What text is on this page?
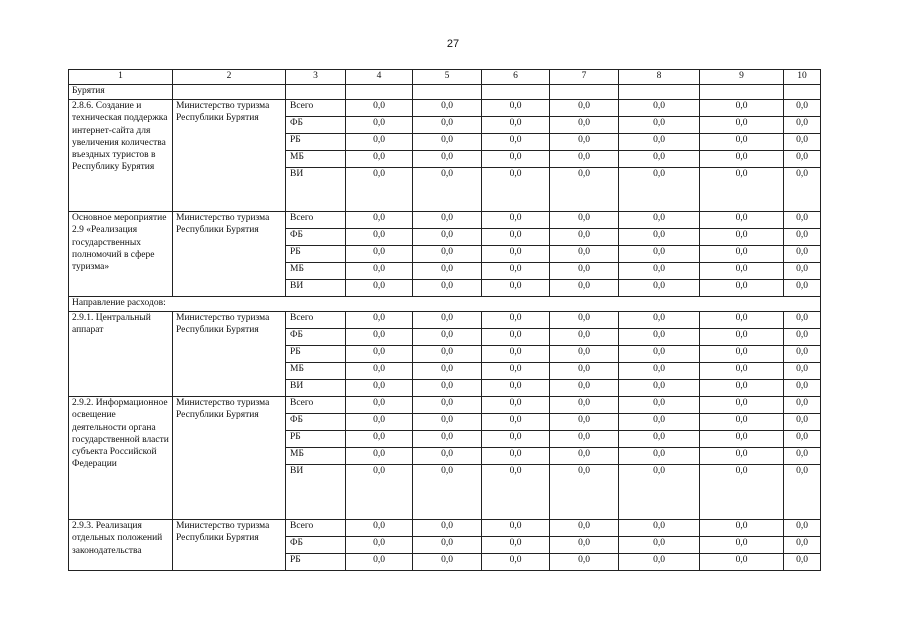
27
1	2	3	4	5	6	7	8	9	10
Бурятия									
2.8.6. Создание и техническая поддержка интернет-сайта для увеличения количества въездных туристов в Республику Бурятия	Министерство туризма Республики Бурятия	Всего	0,0	0,0	0,0	0,0	0,0	0,0	0,0
		ФБ	0,0	0,0	0,0	0,0	0,0	0,0	0,0
		РБ	0,0	0,0	0,0	0,0	0,0	0,0	0,0
		МБ	0,0	0,0	0,0	0,0	0,0	0,0	0,0
		ВИ	0,0	0,0	0,0	0,0	0,0	0,0	0,0
Основное мероприятие 2.9 «Реализация государственных полномочий в сфере туризма»	Министерство туризма Республики Бурятия	Всего	0,0	0,0	0,0	0,0	0,0	0,0	0,0
		ФБ	0,0	0,0	0,0	0,0	0,0	0,0	0,0
		РБ	0,0	0,0	0,0	0,0	0,0	0,0	0,0
		МБ	0,0	0,0	0,0	0,0	0,0	0,0	0,0
		ВИ	0,0	0,0	0,0	0,0	0,0	0,0	0,0
Направление расходов:									
2.9.1. Центральный аппарат	Министерство туризма Республики Бурятия	Всего	0,0	0,0	0,0	0,0	0,0	0,0	0,0
		ФБ	0,0	0,0	0,0	0,0	0,0	0,0	0,0
		РБ	0,0	0,0	0,0	0,0	0,0	0,0	0,0
		МБ	0,0	0,0	0,0	0,0	0,0	0,0	0,0
		ВИ	0,0	0,0	0,0	0,0	0,0	0,0	0,0
2.9.2. Информационное освещение деятельности органа государственной власти субъекта Российской Федерации	Министерство туризма Республики Бурятия	Всего	0,0	0,0	0,0	0,0	0,0	0,0	0,0
		ФБ	0,0	0,0	0,0	0,0	0,0	0,0	0,0
		РБ	0,0	0,0	0,0	0,0	0,0	0,0	0,0
		МБ	0,0	0,0	0,0	0,0	0,0	0,0	0,0
		ВИ	0,0	0,0	0,0	0,0	0,0	0,0	0,0
2.9.3. Реализация отдельных положений законодательства	Министерство туризма Республики Бурятия	Всего	0,0	0,0	0,0	0,0	0,0	0,0	0,0
		ФБ	0,0	0,0	0,0	0,0	0,0	0,0	0,0
		РБ	0,0	0,0	0,0	0,0	0,0	0,0	0,0
